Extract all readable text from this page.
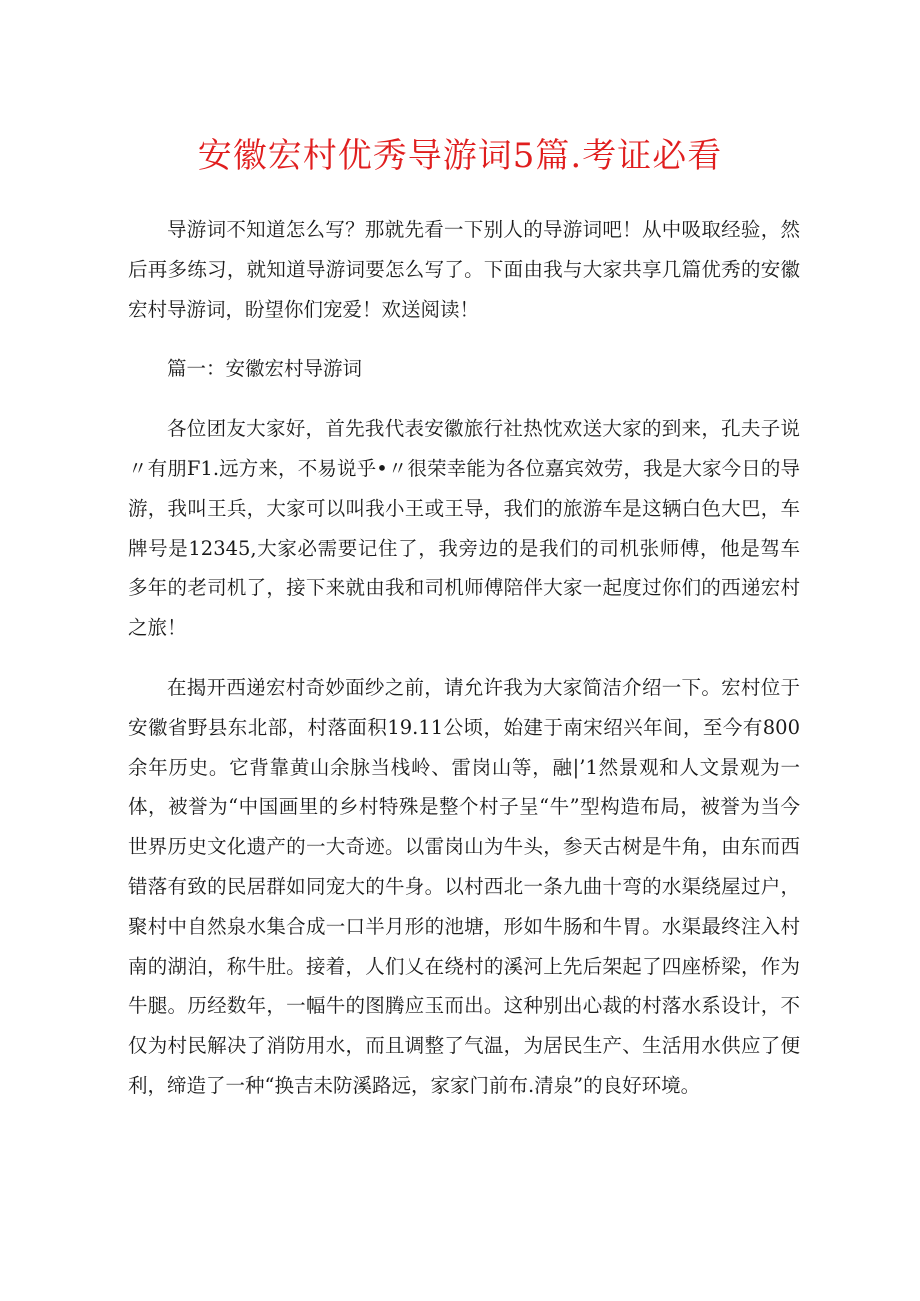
安徽宏村优秀导游词5篇.考证必看

导游词不知道怎么写？那就先看一下别人的导游词吧！从中吸取经验，然后再多练习，就知道导游词要怎么写了。下面由我与大家共享几篇优秀的安徽宏村导游词，盼望你们宠爱！欢送阅读！

篇一：安徽宏村导游词

各位团友大家好，首先我代表安徽旅行社热忱欢送大家的到来，孔夫子说〃有朋F1.远方来，不易说乎•〃很荣幸能为各位嘉宾效劳，我是大家今日的导游，我叫王兵，大家可以叫我小王或王导，我们的旅游车是这辆白色大巴，车牌号是12345,大家必需要记住了，我旁边的是我们的司机张师傅，他是驾车多年的老司机了，接下来就由我和司机师傅陪伴大家一起度过你们的西递宏村之旅！

在揭开西递宏村奇妙面纱之前，请允许我为大家简洁介绍一下。宏村位于安徽省野县东北部，村落面积19.11公顷，始建于南宋绍兴年间，至今有800余年历史。它背靠黄山余脉当栈岭、雷岗山等，融|’1然景观和人文景观为一体，被誉为“中国画里的乡村特殊是整个村子呈“牛”型构造布局，被誉为当今世界历史文化遗产的一大奇迹。以雷岗山为牛头，参天古树是牛角，由东而西错落有致的民居群如同宠大的牛身。以村西北一条九曲十弯的水渠绕屋过户，聚村中自然泉水集合成一口半月形的池塘，形如牛肠和牛胃。水渠最终注入村南的湖泊，称牛肚。接着，人们乂在绕村的溪河上先后架起了四座桥梁，作为牛腿。历经数年，一幅牛的图腾应玉而出。这种别出心裁的村落水系设计，不仅为村民解决了消防用水，而且调整了气温，为居民生产、生活用水供应了便利，缔造了一种“换吉未防溪路远，家家门前布.清泉”的良好环境。
